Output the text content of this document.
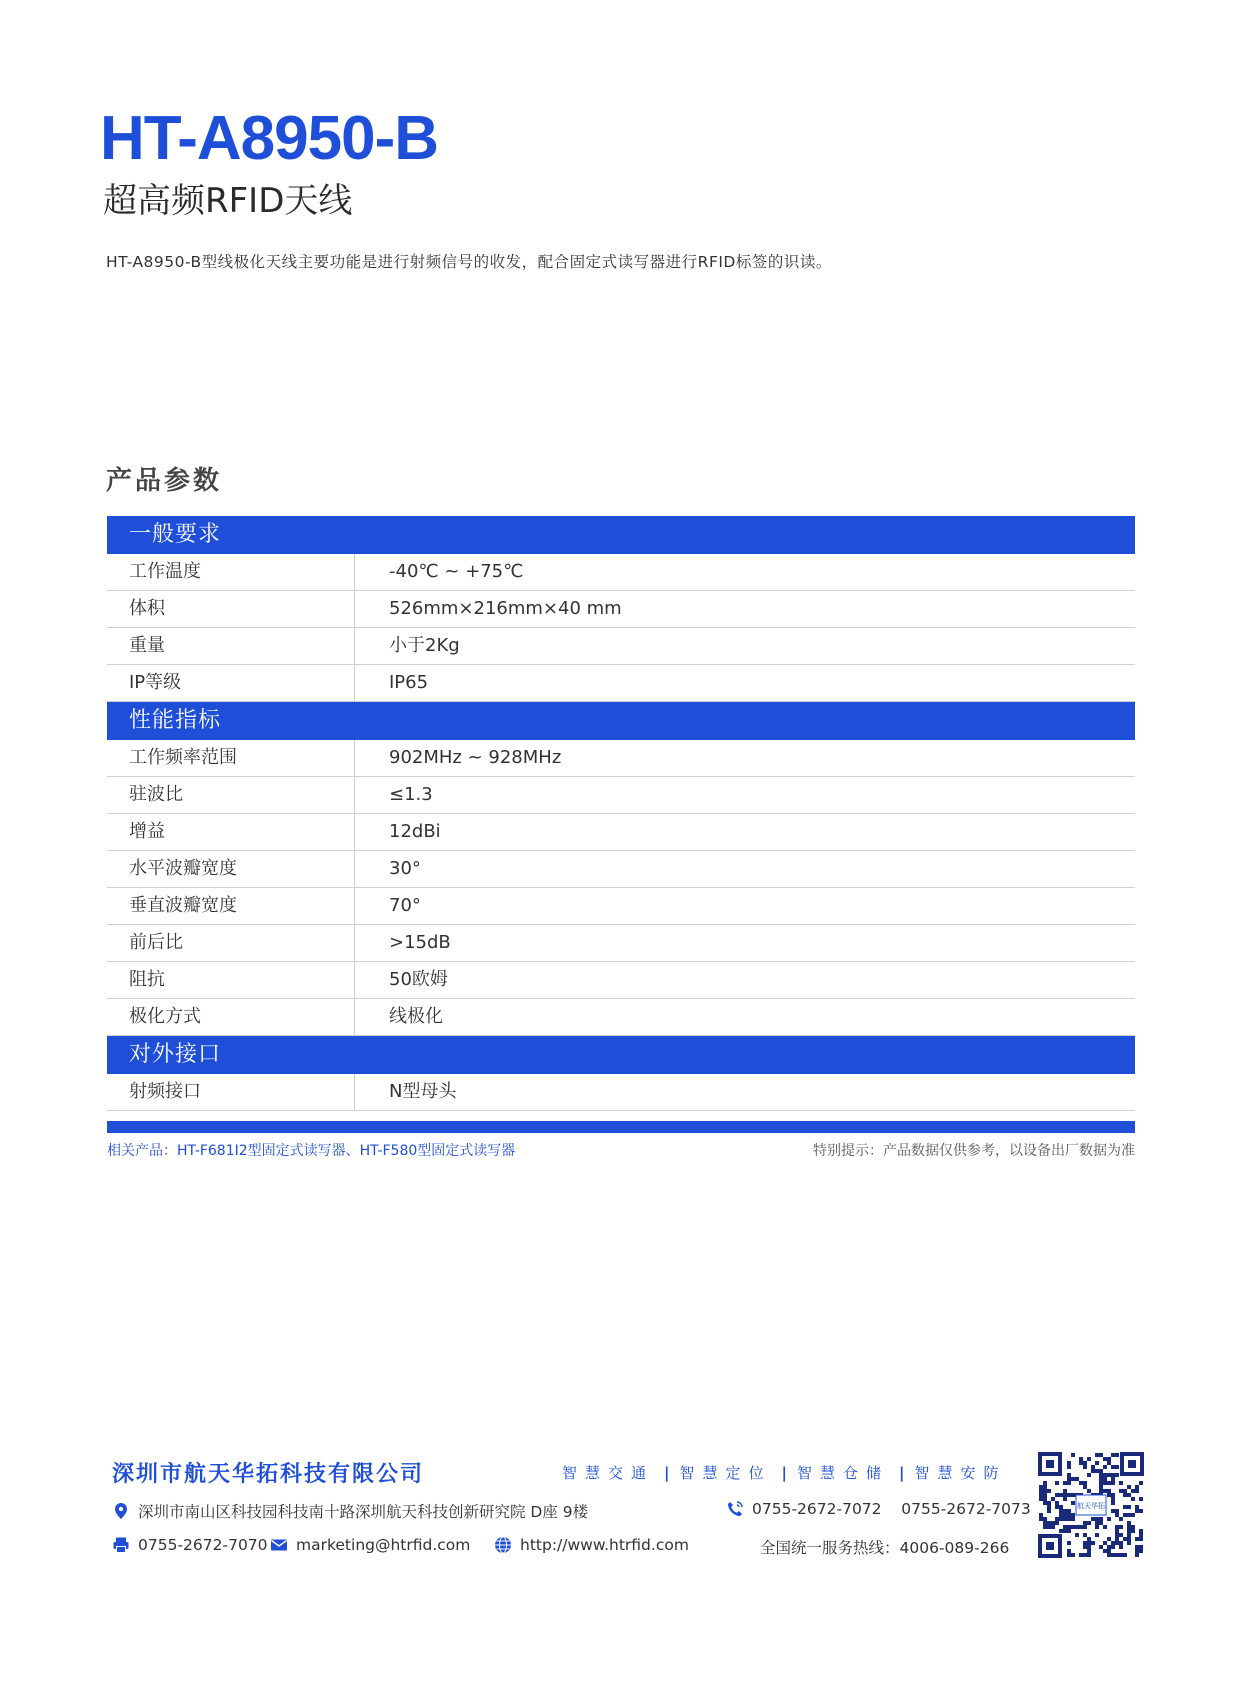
HT-A8950-B
超高频RFID天线

HT-A8950-B型线极化天线主要功能是进行射频信号的收发，配合固定式读写器进行RFID标签的识读。

产品参数
一般要求
工作温度	-40℃ ~ +75℃
体积	526mm×216mm×40 mm
重量	小于2Kg
IP等级	IP65
性能指标
工作频率范围	902MHz ~ 928MHz
驻波比	≤1.3
增益	12dBi
水平波瓣宽度	30°
垂直波瓣宽度	70°
前后比	>15dB
阻抗	50欧姆
极化方式	线极化
对外接口
射频接口	N型母头
相关产品：HT-F681I2型固定式读写器、HT-F580型固定式读写器	特别提示：产品数据仅供参考，以设备出厂数据为准
深圳市航天华拓科技有限公司	智慧交通 | 智慧定位 | 智慧仓储 | 智慧安防
深圳市南山区科技园科技南十路深圳航天科技创新研究院 D座 9楼	0755-2672-7072    0755-2672-7073
0755-2672-7070 marketing@htrfid.com	http://www.htrfid.com	全国统一服务热线：4006-089-266
航天华拓
